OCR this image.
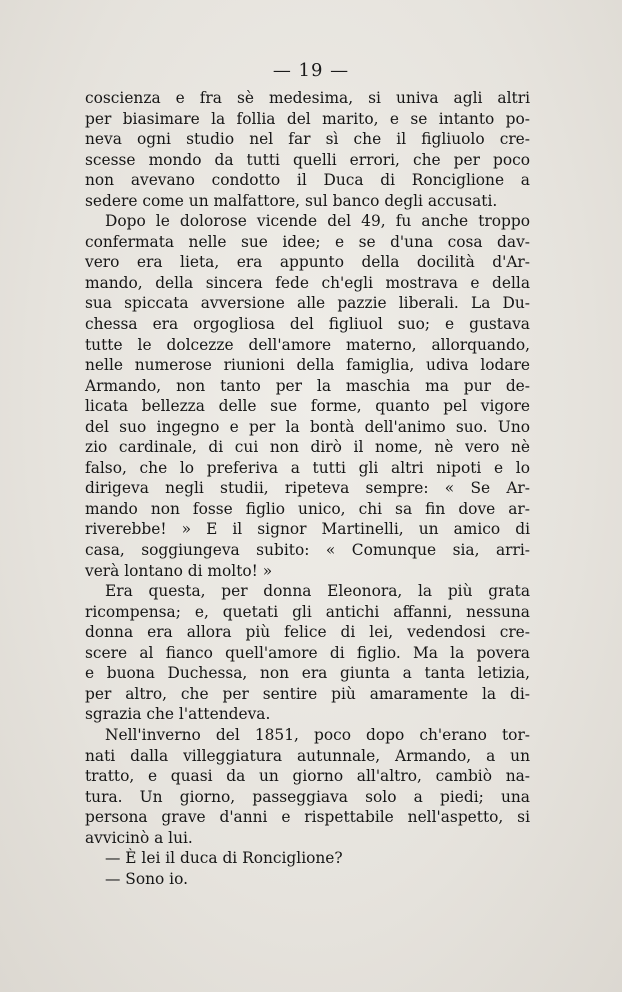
— 19 —
coscienza e fra sè medesima, si univa agli altri
per biasimare la follia del marito, e se intanto po-
neva ogni studio nel far sì che il figliuolo cre-
scesse mondo da tutti quelli errori, che per poco
non avevano condotto il Duca di Ronciglione a
sedere come un malfattore, sul banco degli accusati.
Dopo le dolorose vicende del 49, fu anche troppo
confermata nelle sue idee; e se d'una cosa dav-
vero era lieta, era appunto della docilità d'Ar-
mando, della sincera fede ch'egli mostrava e della
sua spiccata avversione alle pazzie liberali. La Du-
chessa era orgogliosa del figliuol suo; e gustava
tutte le dolcezze dell'amore materno, allorquando,
nelle numerose riunioni della famiglia, udiva lodare
Armando, non tanto per la maschia ma pur de-
licata bellezza delle sue forme, quanto pel vigore
del suo ingegno e per la bontà dell'animo suo. Uno
zio cardinale, di cui non dirò il nome, nè vero nè
falso, che lo preferiva a tutti gli altri nipoti e lo
dirigeva negli studii, ripeteva sempre: « Se Ar-
mando non fosse figlio unico, chi sa fin dove ar-
riverebbe! » E il signor Martinelli, un amico di
casa, soggiungeva subito: « Comunque sia, arri-
verà lontano di molto! »
Era questa, per donna Eleonora, la più grata
ricompensa; e, quetati gli antichi affanni, nessuna
donna era allora più felice di lei, vedendosi cre-
scere al fianco quell'amore di figlio. Ma la povera
e buona Duchessa, non era giunta a tanta letizia,
per altro, che per sentire più amaramente la di-
sgrazia che l'attendeva.
Nell'inverno del 1851, poco dopo ch'erano tor-
nati dalla villeggiatura autunnale, Armando, a un
tratto, e quasi da un giorno all'altro, cambiò na-
tura. Un giorno, passeggiava solo a piedi; una
persona grave d'anni e rispettabile nell'aspetto, si
avvicinò a lui.
— È lei il duca di Ronciglione?
— Sono io.
